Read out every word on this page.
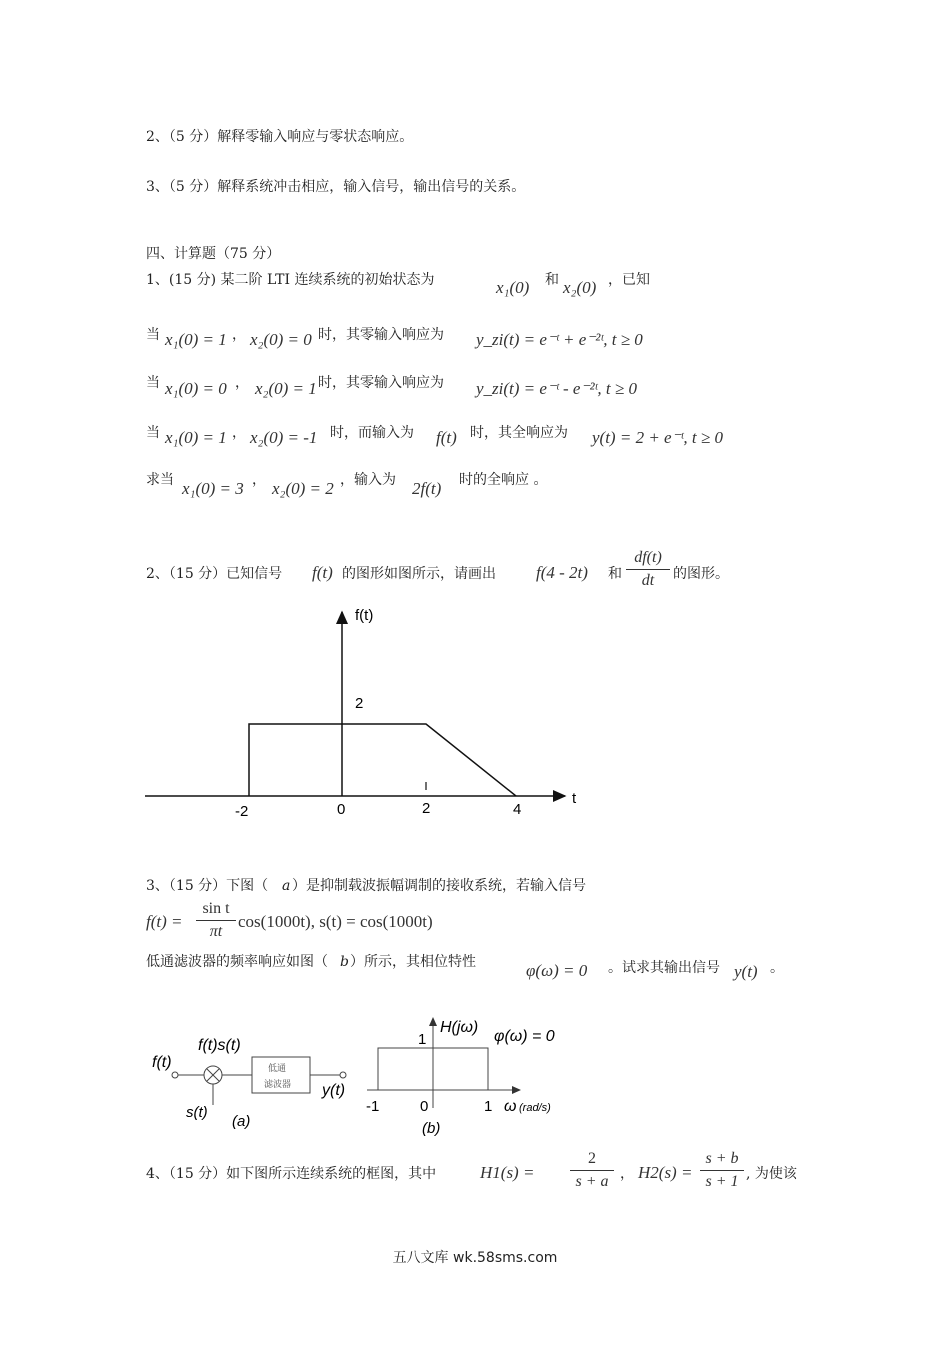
2、（5 分）解释零输入响应与零状态响应。
3、（5 分）解释系统冲击相应，输入信号，输出信号的关系。
四、计算题（75 分）
1、(15 分) 某二阶 LTI 连续系统的初始状态为	x₁(0) 和 x₂(0) ，已知
当 x₁(0) = 1 ， x₂(0) = 0 时，其零输入响应为 y_zi(t) = e⁻ᵗ + e⁻²ᵗ, t ≥ 0
当 x₁(0) = 0 ， x₂(0) = 1 时，其零输入响应为 y_zi(t) = e⁻ᵗ - e⁻²ᵗ, t ≥ 0
当 x₁(0) = 1 ， x₂(0) = -1 时，而输入为 f(t) 时，其全响应为 y(t) = 2 + e⁻ᵗ, t ≥ 0
求当 x₁(0) = 3 ， x₂(0) = 2 ，输入为 2f(t) 时的全响应 。
2、（15 分）已知信号 f(t) 的图形如图所示，请画出 f(4 - 2t) 和
df(t)
dt	的图形。
f(t)
2
t
-2	0	2	4
3、（15 分）下图（ a ）是抑制载波振幅调制的接收系统，若输入信号
f(t) =
sin t
πt
cos(1000t), s(t) = cos(1000t)
低通滤波器的频率响应如图（ b ）所示，其相位特性	φ(ω) = 0 。试求其输出信号 y(t) 。
f(t)
f(t)s(t)
s(t)
低通
滤波器 y(t)
(a)
H(jω)
1	φ(ω) = 0
-1	0	1 ω (rad/s)
(b)
4、（15 分）如下图所示连续系统的框图，其中	H1(s) =
2
s + a ， H2(s) =
s + b
s + 1 , 为使该
五八文库 wk.58sms.com
